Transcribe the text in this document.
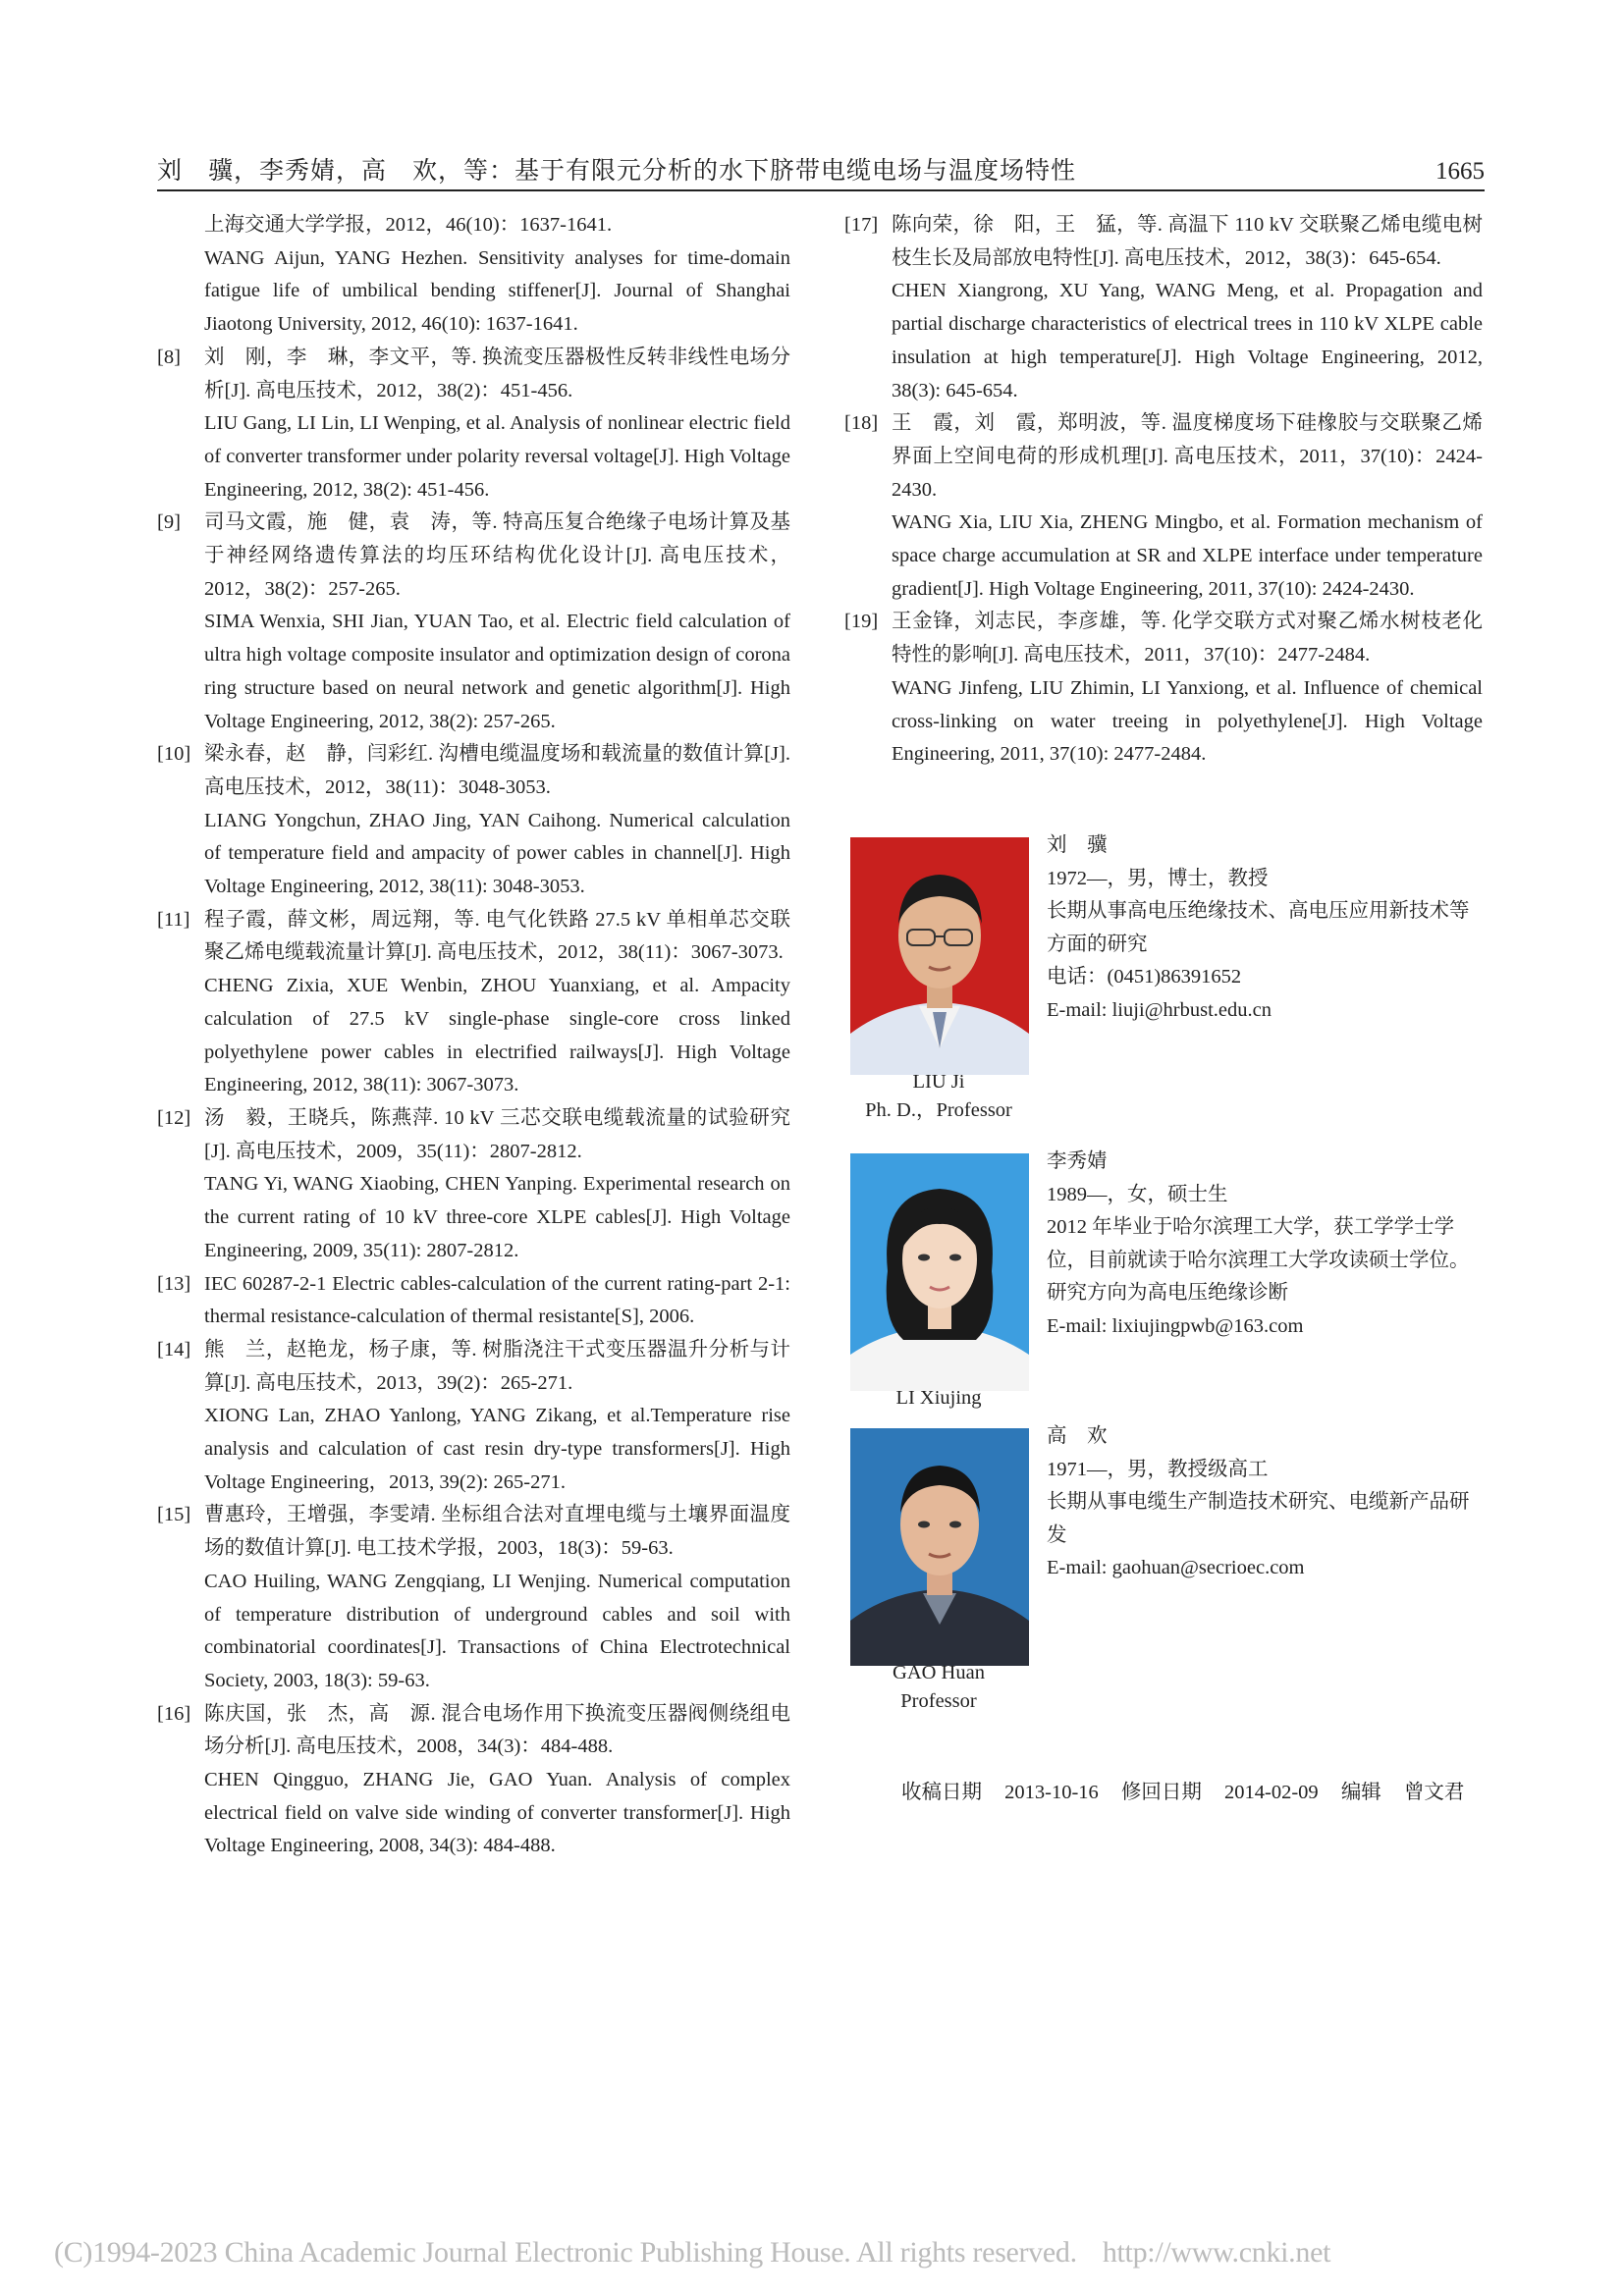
刘　骥，李秀婧，高　欢，等：基于有限元分析的水下脐带电缆电场与温度场特性	1665

上海交通大学学报，2012，46(10)：1637-1641.

WANG Aijun, YANG Hezhen. Sensitivity analyses for time-domain fatigue life of umbilical bending stiffener[J]. Journal of Shanghai Jiaotong University, 2012, 46(10): 1637-1641.

[8] 刘　刚，李　琳，李文平，等. 换流变压器极性反转非线性电场分析[J]. 高电压技术，2012，38(2)：451-456.

LIU Gang, LI Lin, LI Wenping, et al. Analysis of nonlinear electric field of converter transformer under polarity reversal voltage[J]. High Voltage Engineering, 2012, 38(2): 451-456.

[9] 司马文霞，施　健，袁　涛，等. 特高压复合绝缘子电场计算及基于神经网络遗传算法的均压环结构优化设计[J]. 高电压技术，2012，38(2)：257-265.

SIMA Wenxia, SHI Jian, YUAN Tao, et al. Electric field calculation of ultra high voltage composite insulator and optimization design of corona ring structure based on neural network and genetic algorithm[J]. High Voltage Engineering, 2012, 38(2): 257-265.

[10] 梁永春，赵　静，闫彩红. 沟槽电缆温度场和载流量的数值计算[J]. 高电压技术，2012，38(11)：3048-3053.

LIANG Yongchun, ZHAO Jing, YAN Caihong. Numerical calculation of temperature field and ampacity of power cables in channel[J]. High Voltage Engineering, 2012, 38(11): 3048-3053.

[11] 程子霞，薛文彬，周远翔，等. 电气化铁路 27.5 kV 单相单芯交联聚乙烯电缆载流量计算[J]. 高电压技术，2012，38(11)：3067-3073.

CHENG Zixia, XUE Wenbin, ZHOU Yuanxiang, et al. Ampacity calculation of 27.5 kV single-phase single-core cross linked polyethylene power cables in electrified railways[J]. High Voltage Engineering, 2012, 38(11): 3067-3073.

[12] 汤　毅，王晓兵，陈燕萍. 10 kV 三芯交联电缆载流量的试验研究[J]. 高电压技术，2009，35(11)：2807-2812.

TANG Yi, WANG Xiaobing, CHEN Yanping. Experimental research on the current rating of 10 kV three-core XLPE cables[J]. High Voltage Engineering, 2009, 35(11): 2807-2812.

[13] IEC 60287-2-1 Electric cables-calculation of the current rating-part 2-1: thermal resistance-calculation of thermal resistante[S], 2006.

[14] 熊　兰，赵艳龙，杨子康，等. 树脂浇注干式变压器温升分析与计算[J]. 高电压技术，2013，39(2)：265-271.

XIONG Lan, ZHAO Yanlong, YANG Zikang, et al.Temperature rise analysis and calculation of cast resin dry-type transformers[J]. High Voltage Engineering，2013, 39(2): 265-271.

[15] 曹惠玲，王增强，李雯靖. 坐标组合法对直埋电缆与土壤界面温度场的数值计算[J]. 电工技术学报，2003，18(3)：59-63.

CAO Huiling, WANG Zengqiang, LI Wenjing. Numerical computation of temperature distribution of underground cables and soil with combinatorial coordinates[J]. Transactions of China Electrotechnical Society, 2003, 18(3): 59-63.

[16] 陈庆国，张　杰，高　源. 混合电场作用下换流变压器阀侧绕组电场分析[J]. 高电压技术，2008，34(3)：484-488.

CHEN Qingguo, ZHANG Jie, GAO Yuan. Analysis of complex electrical field on valve side winding of converter transformer[J]. High Voltage Engineering, 2008, 34(3): 484-488.

[17] 陈向荣，徐　阳，王　猛，等. 高温下 110 kV 交联聚乙烯电缆电树枝生长及局部放电特性[J]. 高电压技术，2012，38(3)：645-654.

CHEN Xiangrong, XU Yang, WANG Meng, et al. Propagation and partial discharge characteristics of electrical trees in 110 kV XLPE cable insulation at high temperature[J]. High Voltage Engineering, 2012, 38(3): 645-654.

[18] 王　霞，刘　霞，郑明波，等. 温度梯度场下硅橡胶与交联聚乙烯界面上空间电荷的形成机理[J]. 高电压技术，2011，37(10)：2424-2430.

WANG Xia, LIU Xia, ZHENG Mingbo, et al. Formation mechanism of space charge accumulation at SR and XLPE interface under temperature gradient[J]. High Voltage Engineering, 2011, 37(10): 2424-2430.

[19] 王金锋，刘志民，李彦雄，等. 化学交联方式对聚乙烯水树枝老化特性的影响[J]. 高电压技术，2011，37(10)：2477-2484.

WANG Jinfeng, LIU Zhimin, LI Yanxiong, et al. Influence of chemical cross-linking on water treeing in polyethylene[J]. High Voltage Engineering, 2011, 37(10): 2477-2484.

LIU Ji
Ph. D.，Professor

刘　骥

1972—，男，博士，教授

长期从事高电压绝缘技术、高电压应用新技术等方面的研究

电话：(0451)86391652

E-mail: liuji@hrbust.edu.cn

LI Xiujing

李秀婧

1989—，女，硕士生

2012 年毕业于哈尔滨理工大学，获工学学士学位，目前就读于哈尔滨理工大学攻读硕士学位。研究方向为高电压绝缘诊断

E-mail: lixiujingpwb@163.com

GAO Huan
Professor

高　欢

1971—，男，教授级高工

长期从事电缆生产制造技术研究、电缆新产品研发

E-mail: gaohuan@secrioec.com

收稿日期 2013-10-16 修回日期 2014-02-09 编辑 曾文君
(C)1994-2023 China Academic Journal Electronic Publishing House. All rights reserved. http://www.cnki.net
